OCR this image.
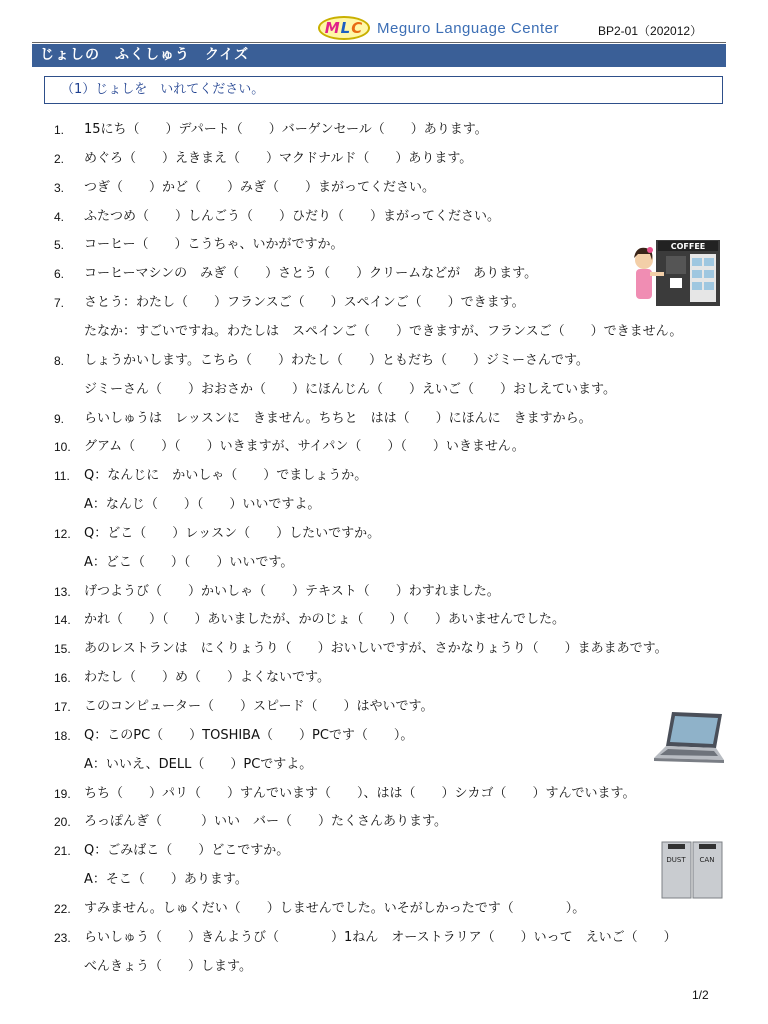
MLC Meguro Language Center	BP2-01（202012）
じょしの　ふくしゅう　クイズ
（1）じょしを　いれてください。
1.	15にち（　　）デパート（　　）バーゲンセール（　　）あります。
2.	めぐろ（　　）えきまえ（　　）マクドナルド（　　）あります。
3.	つぎ（　　）かど（　　）みぎ（　　）まがってください。
4.	ふたつめ（　　）しんごう（　　）ひだり（　　）まがってください。
5.	コーヒー（　　）こうちゃ、いかがですか。
6.	コーヒーマシンの　みぎ（　　）さとう（　　）クリームなどが　あります。
7.	さとう：わたし（　　）フランスご（　　）スペインご（　　）できます。
たなか：すごいですね。わたしは　スペインご（　　）できますが、フランスご（　　）できません。
8.	しょうかいします。こちら（　　）わたし（　　）ともだち（　　）ジミーさんです。
ジミーさん（　　）おおさか（　　）にほんじん（　　）えいご（　　）おしえています。
9.	らいしゅうは　レッスンに　きません。ちちと　はは（　　）にほんに　きますから。
10.	グアム（　　）（　　）いきますが、サイパン（　　）（　　）いきません。
11.	Q：なんじに　かいしゃ（　　）でましょうか。
A：なんじ（　　）（　　）いいですよ。
12.	Q：どこ（　　）レッスン（　　）したいですか。
A：どこ（　　）（　　）いいです。
13.	げつようび（　　）かいしゃ（　　）テキスト（　　）わすれました。
14.	かれ（　　）（　　）あいましたが、かのじょ（　　）（　　）あいませんでした。
15.	あのレストランは　にくりょうり（　　）おいしいですが、さかなりょうり（　　）まあまあです。
16.	わたし（　　）め（　　）よくないです。
17.	このコンピューター（　　）スピード（　　）はやいです。
18.	Q：このPC（　　）TOSHIBA（　　）PCです（　　）。
A：いいえ、DELL（　　）PCですよ。
19.	ちち（　　）パリ（　　）すんでいます（　　）、はは（　　）シカゴ（　　）すんでいます。
20.	ろっぽんぎ（　　　）いい　バー（　　）たくさんあります。
21.	Q：ごみばこ（　　）どこですか。
A：そこ（　　）あります。
22.	すみません。しゅくだい（　　）しませんでした。いそがしかったです（　　　　）。
23.	らいしゅう（　　）きんようび（　　　　）1ねん　オーストラリア（　　）いって　えいご（　　）
べんきょう（　　）します。
COFFEE
DUST CAN
1/2
